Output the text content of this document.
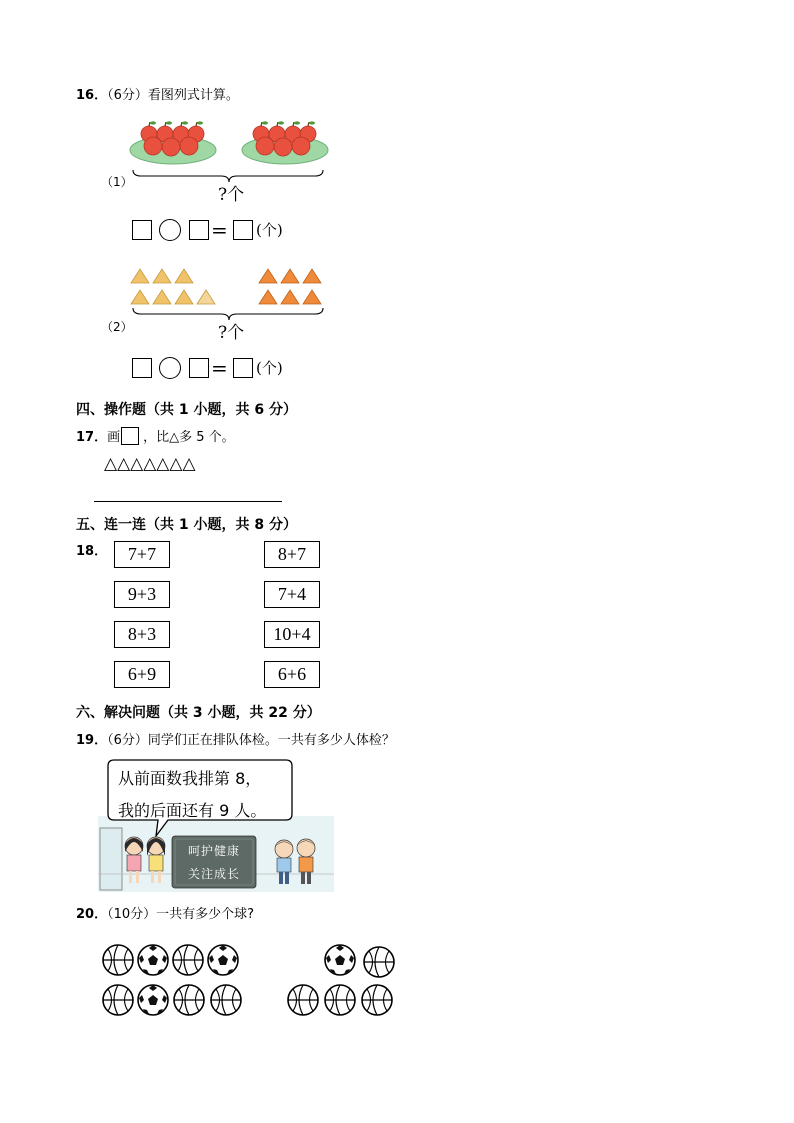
16．（6分）看图列式计算。
（1）
?个
= (个)
（2）	?个
= (个)
四、操作题（共 1 小题，共 6 分）
17． 画 ，比△多 5 个。
△△△△△△△
五、连一连（共 1 小题，共 8 分）
18．	7+7
9+3
8+3
6+9
8+7
7+4
10+4
6+6
六、解决问题（共 3 小题，共 22 分）
19．（6分）同学们正在排队体检。一共有多少人体检？
从前面数我排第 8，
我的后面还有 9 人。
呵护健康
关注成长
20．（10分）一共有多少个球?
